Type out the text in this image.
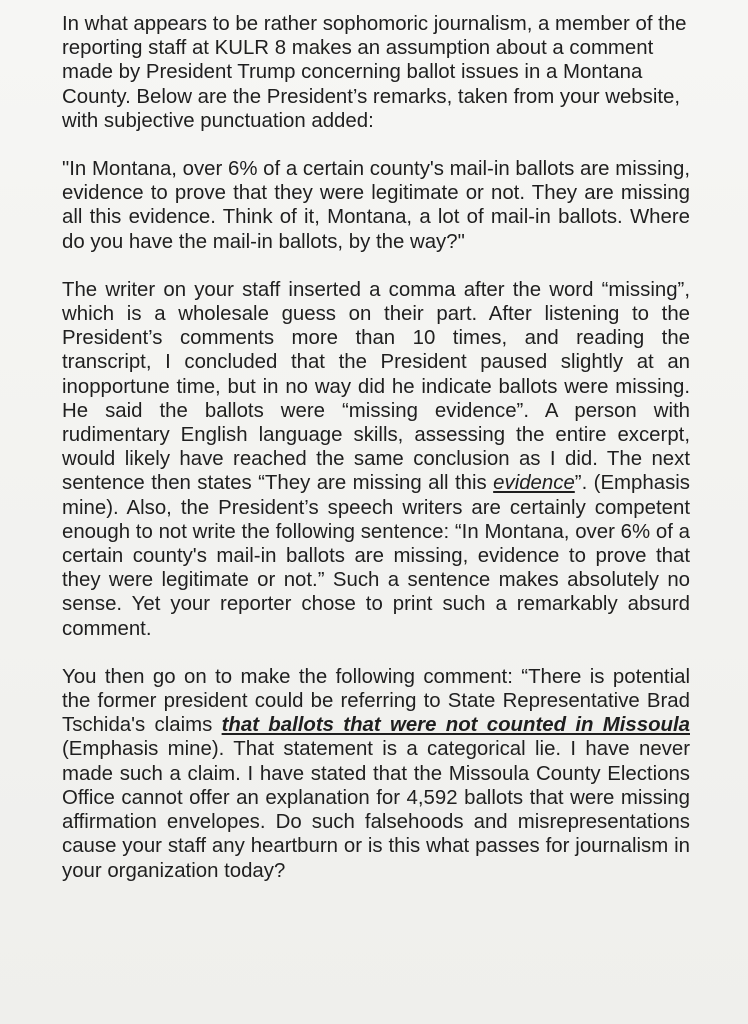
In what appears to be rather sophomoric journalism, a member of the reporting staff at KULR 8 makes an assumption about a comment made by President Trump concerning ballot issues in a Montana County. Below are the President’s remarks, taken from your website, with subjective punctuation added:

"In Montana, over 6% of a certain county's mail-in ballots are missing, evidence to prove that they were legitimate or not. They are missing all this evidence. Think of it, Montana, a lot of mail-in ballots. Where do you have the mail-in ballots, by the way?"

The writer on your staff inserted a comma after the word “missing”, which is a wholesale guess on their part. After listening to the President’s comments more than 10 times, and reading the transcript, I concluded that the President paused slightly at an inopportune time, but in no way did he indicate ballots were missing. He said the ballots were “missing evidence”. A person with rudimentary English language skills, assessing the entire excerpt, would likely have reached the same conclusion as I did. The next sentence then states “They are missing all this evidence”. (Emphasis mine). Also, the President’s speech writers are certainly competent enough to not write the following sentence: “In Montana, over 6% of a certain county's mail-in ballots are missing, evidence to prove that they were legitimate or not.” Such a sentence makes absolutely no sense. Yet your reporter chose to print such a remarkably absurd comment.

You then go on to make the following comment: “There is potential the former president could be referring to State Representative Brad Tschida's claims that ballots that were not counted in Missoula (Emphasis mine). That statement is a categorical lie. I have never made such a claim. I have stated that the Missoula County Elections Office cannot offer an explanation for 4,592 ballots that were missing affirmation envelopes. Do such falsehoods and misrepresentations cause your staff any heartburn or is this what passes for journalism in your organization today?
